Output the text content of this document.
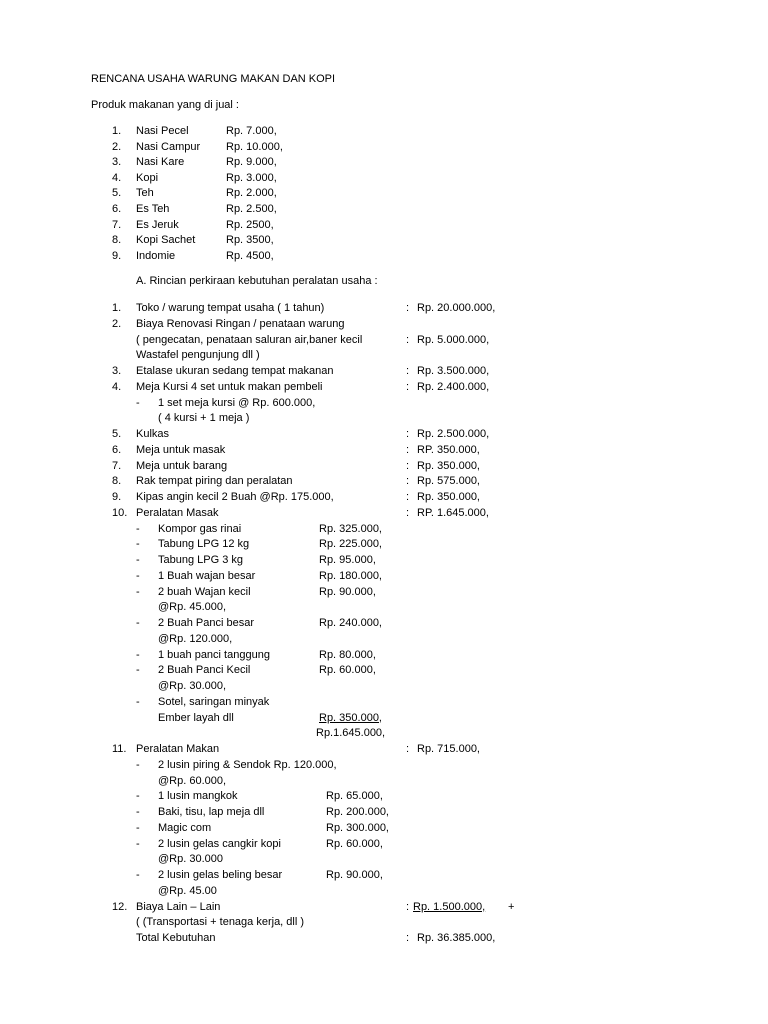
RENCANA USAHA WARUNG MAKAN DAN KOPI
Produk makanan yang di jual :
1. Nasi Pecel	Rp. 7.000,
2. Nasi Campur Rp. 10.000,
3. Nasi Kare	Rp. 9.000,
4. Kopi	Rp. 3.000,
5. Teh	Rp. 2.000,
6. Es Teh	Rp. 2.500,
7. Es Jeruk	Rp. 2500,
8. Kopi Sachet	Rp. 3500,
9. Indomie	Rp. 4500,
A. Rincian perkiraan kebutuhan peralatan usaha :
1. Toko / warung tempat usaha ( 1 tahun)	: Rp. 20.000.000,
2. Biaya Renovasi Ringan / penataan warung
( pengecatan, penataan saluran air,baner kecil	: Rp. 5.000.000,
Wastafel pengunjung dll )
3. Etalase ukuran sedang tempat makanan	: Rp. 3.500.000,
4. Meja Kursi 4 set untuk makan pembeli	: Rp. 2.400.000,
- 1 set meja kursi @ Rp. 600.000,
( 4 kursi + 1 meja )
5. Kulkas	: Rp. 2.500.000,
6. Meja untuk masak	: RP. 350.000,
7. Meja untuk barang	: Rp. 350.000,
8. Rak tempat piring dan peralatan	: Rp. 575.000,
9. Kipas angin kecil 2 Buah @Rp. 175.000,	: Rp. 350.000,
10. Peralatan Masak	: RP. 1.645.000,
- Kompor gas rinai	Rp. 325.000,
- Tabung LPG 12 kg	Rp. 225.000,
- Tabung LPG 3 kg	Rp. 95.000,
- 1 Buah wajan besar	Rp. 180.000,
- 2 buah Wajan kecil	Rp. 90.000,
@Rp. 45.000,
- 2 Buah Panci besar	Rp. 240.000,
@Rp. 120.000,
- 1 buah panci tanggung	Rp. 80.000,
- 2 Buah Panci Kecil	Rp. 60.000,
@Rp. 30.000,
- Sotel, saringan minyak
Ember layah dll	Rp. 350.000,
Rp.1.645.000,
11. Peralatan Makan	: Rp. 715.000,
- 2 lusin piring & Sendok Rp. 120.000,
@Rp. 60.000,
- 1 lusin mangkok	Rp. 65.000,
- Baki, tisu, lap meja dll	Rp. 200.000,
- Magic com	Rp. 300.000,
- 2 lusin gelas cangkir kopi	Rp. 60.000,
@Rp. 30.000
- 2 lusin gelas beling besar	Rp. 90.000,
@Rp. 45.00
12. Biaya Lain – Lain	: Rp. 1.500.000, +
( (Transportasi + tenaga kerja, dll )
Total Kebutuhan	: Rp. 36.385.000,
